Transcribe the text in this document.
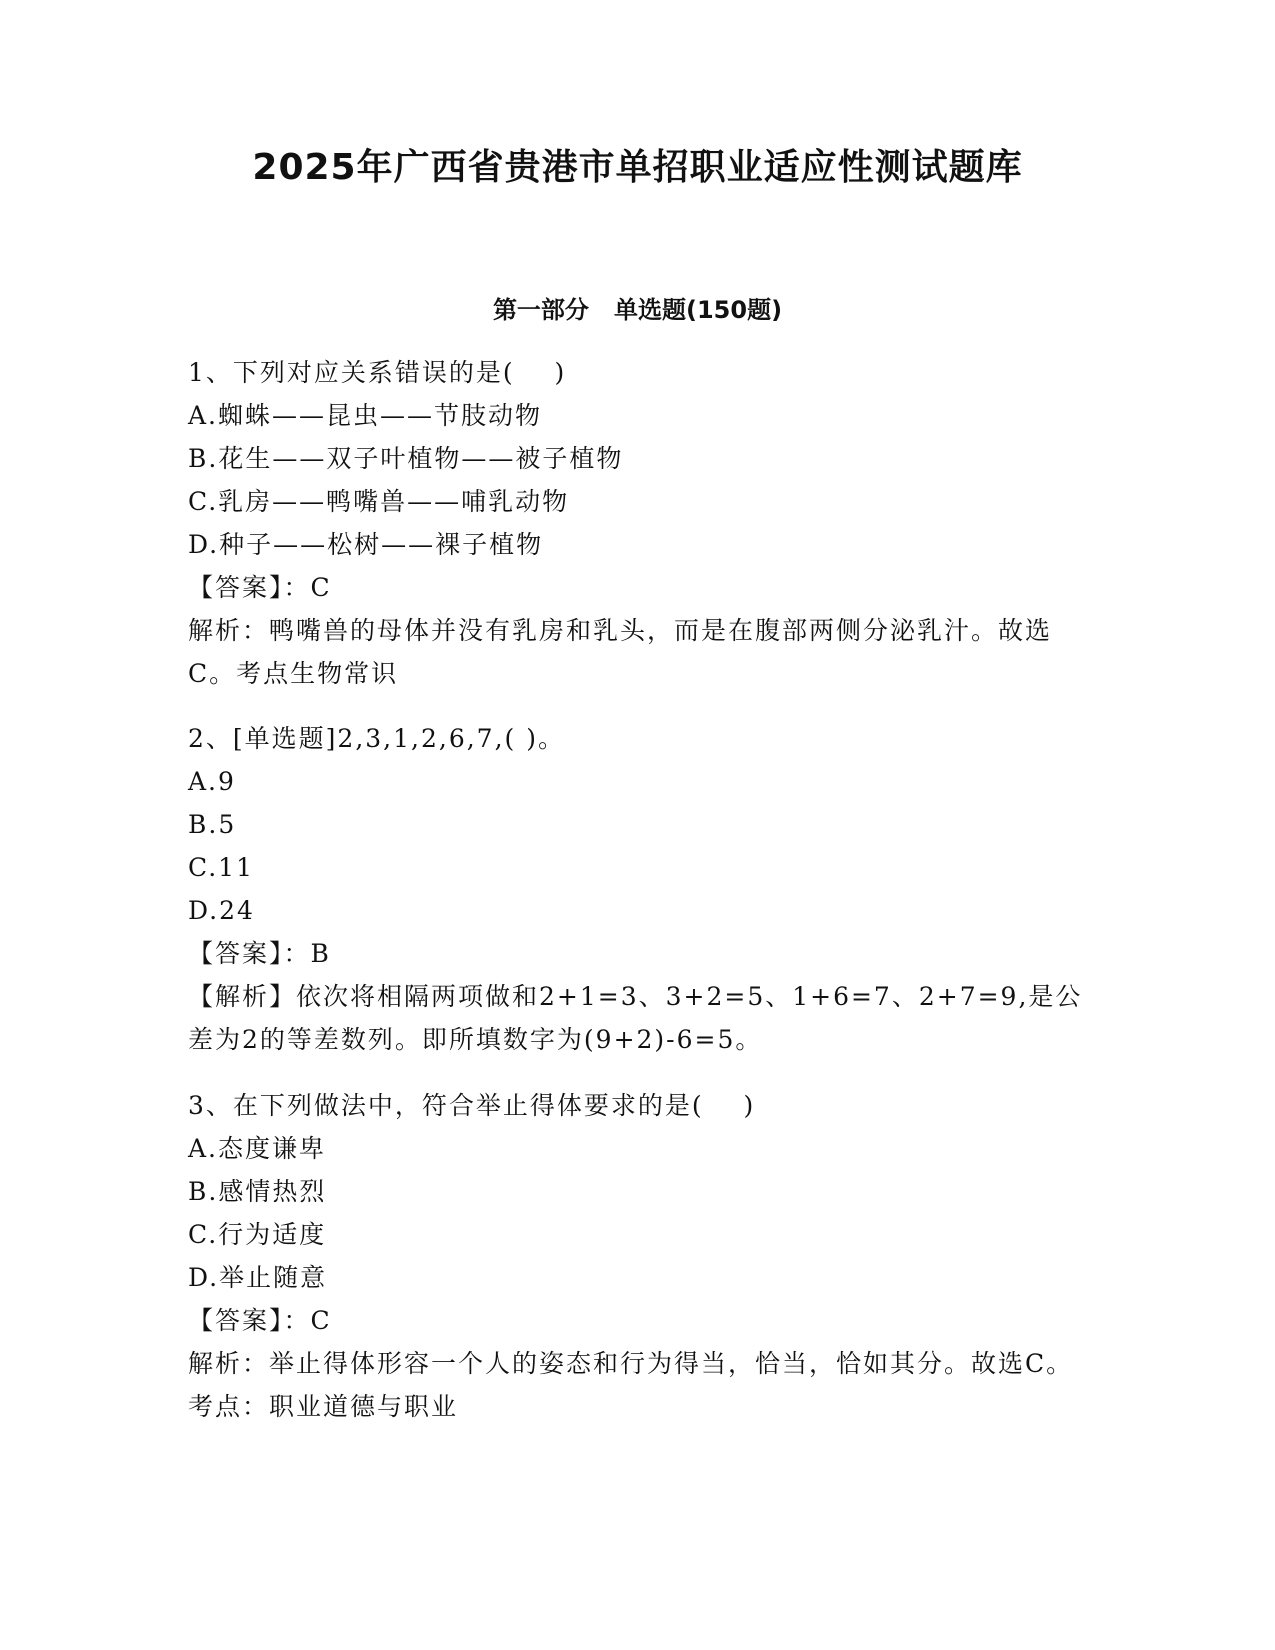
2025年广西省贵港市单招职业适应性测试题库
第一部分   单选题(150题)
1、下列对应关系错误的是(    )
A.蜘蛛——昆虫——节肢动物
B.花生——双子叶植物——被子植物
C.乳房——鸭嘴兽——哺乳动物
D.种子——松树——裸子植物
【答案】：C
解析：鸭嘴兽的母体并没有乳房和乳头，而是在腹部两侧分泌乳汁。故选C。考点生物常识
2、[单选题]2,3,1,2,6,7,( )。
A.9
B.5
C.11
D.24
【答案】：B
【解析】依次将相隔两项做和2+1=3、3+2=5、1+6=7、2+7=9,是公差为2的等差数列。即所填数字为(9+2)-6=5。
3、在下列做法中，符合举止得体要求的是(    )
A.态度谦卑
B.感情热烈
C.行为适度
D.举止随意
【答案】：C
解析：举止得体形容一个人的姿态和行为得当，恰当，恰如其分。故选C。考点：职业道德与职业
